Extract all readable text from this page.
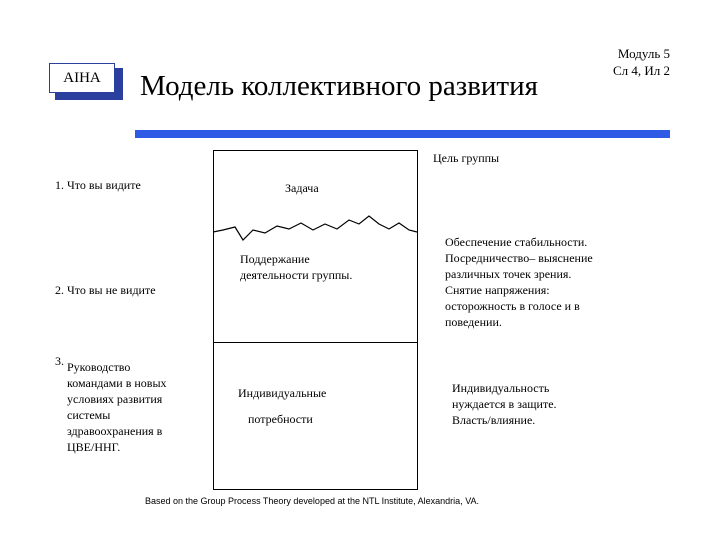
AIHA	Модель коллективного развития
Модуль 5
Сл 4, Ил 2
Цель группы
1. Что вы видите	Задача
Поддержание
деятельности группы.
2. Что вы не видите
Обеспечение стабильности.
Посредничество– выяснение
различных точек зрения.
Снятие напряжения:
осторожность в голосе и в
поведении.
3. Руководство
командами в новых
условиях развития
системы
здравоохранения в
ЦВЕ/ННГ.
Индивидуальные
потребности
Индивидуальность
нуждается в защите.
Власть/влияние.
Based on the Group Process Theory developed at the NTL Institute, Alexandria, VA.
